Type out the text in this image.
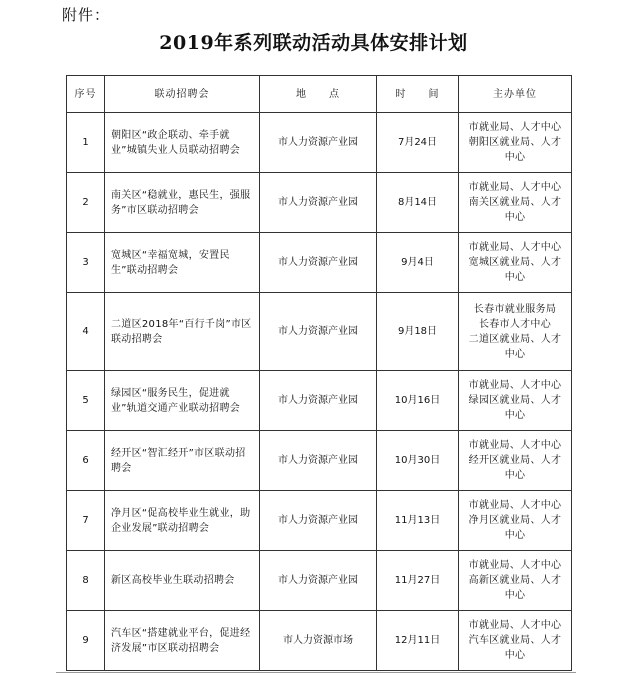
附件：
2019年系列联动活动具体安排计划
序号	联动招聘会	地　　点	时　　间	主办单位
1	朝阳区“政企联动、牵手就业”城镇失业人员联动招聘会	市人力资源产业园	7月24日	市就业局、人才中心
朝阳区就业局、人才
中心

2	南关区“稳就业，惠民生，强服务”市区联动招聘会	市人力资源产业园	8月14日	市就业局、人才中心
南关区就业局、人才
中心

3	宽城区“幸福宽城，安置民生”联动招聘会	市人力资源产业园	9月4日	市就业局、人才中心
宽城区就业局、人才
中心

4	二道区2018年“百行千岗”市区联动招聘会	市人力资源产业园	9月18日	长春市就业服务局
长春市人才中心
二道区就业局、人才
中心

5	绿园区“服务民生，促进就业”轨道交通产业联动招聘会	市人力资源产业园	10月16日	市就业局、人才中心
绿园区就业局、人才
中心

6	经开区“智汇经开”市区联动招聘会	市人力资源产业园	10月30日	市就业局、人才中心
经开区就业局、人才
中心

7	净月区“促高校毕业生就业，助企业发展”联动招聘会	市人力资源产业园	11月13日	市就业局、人才中心
净月区就业局、人才
中心

8	新区高校毕业生联动招聘会	市人力资源产业园	11月27日	市就业局、人才中心
高新区就业局、人才
中心

9	汽车区“搭建就业平台，促进经济发展”市区联动招聘会	市人力资源市场	12月11日	市就业局、人才中心
汽车区就业局、人才
中心
